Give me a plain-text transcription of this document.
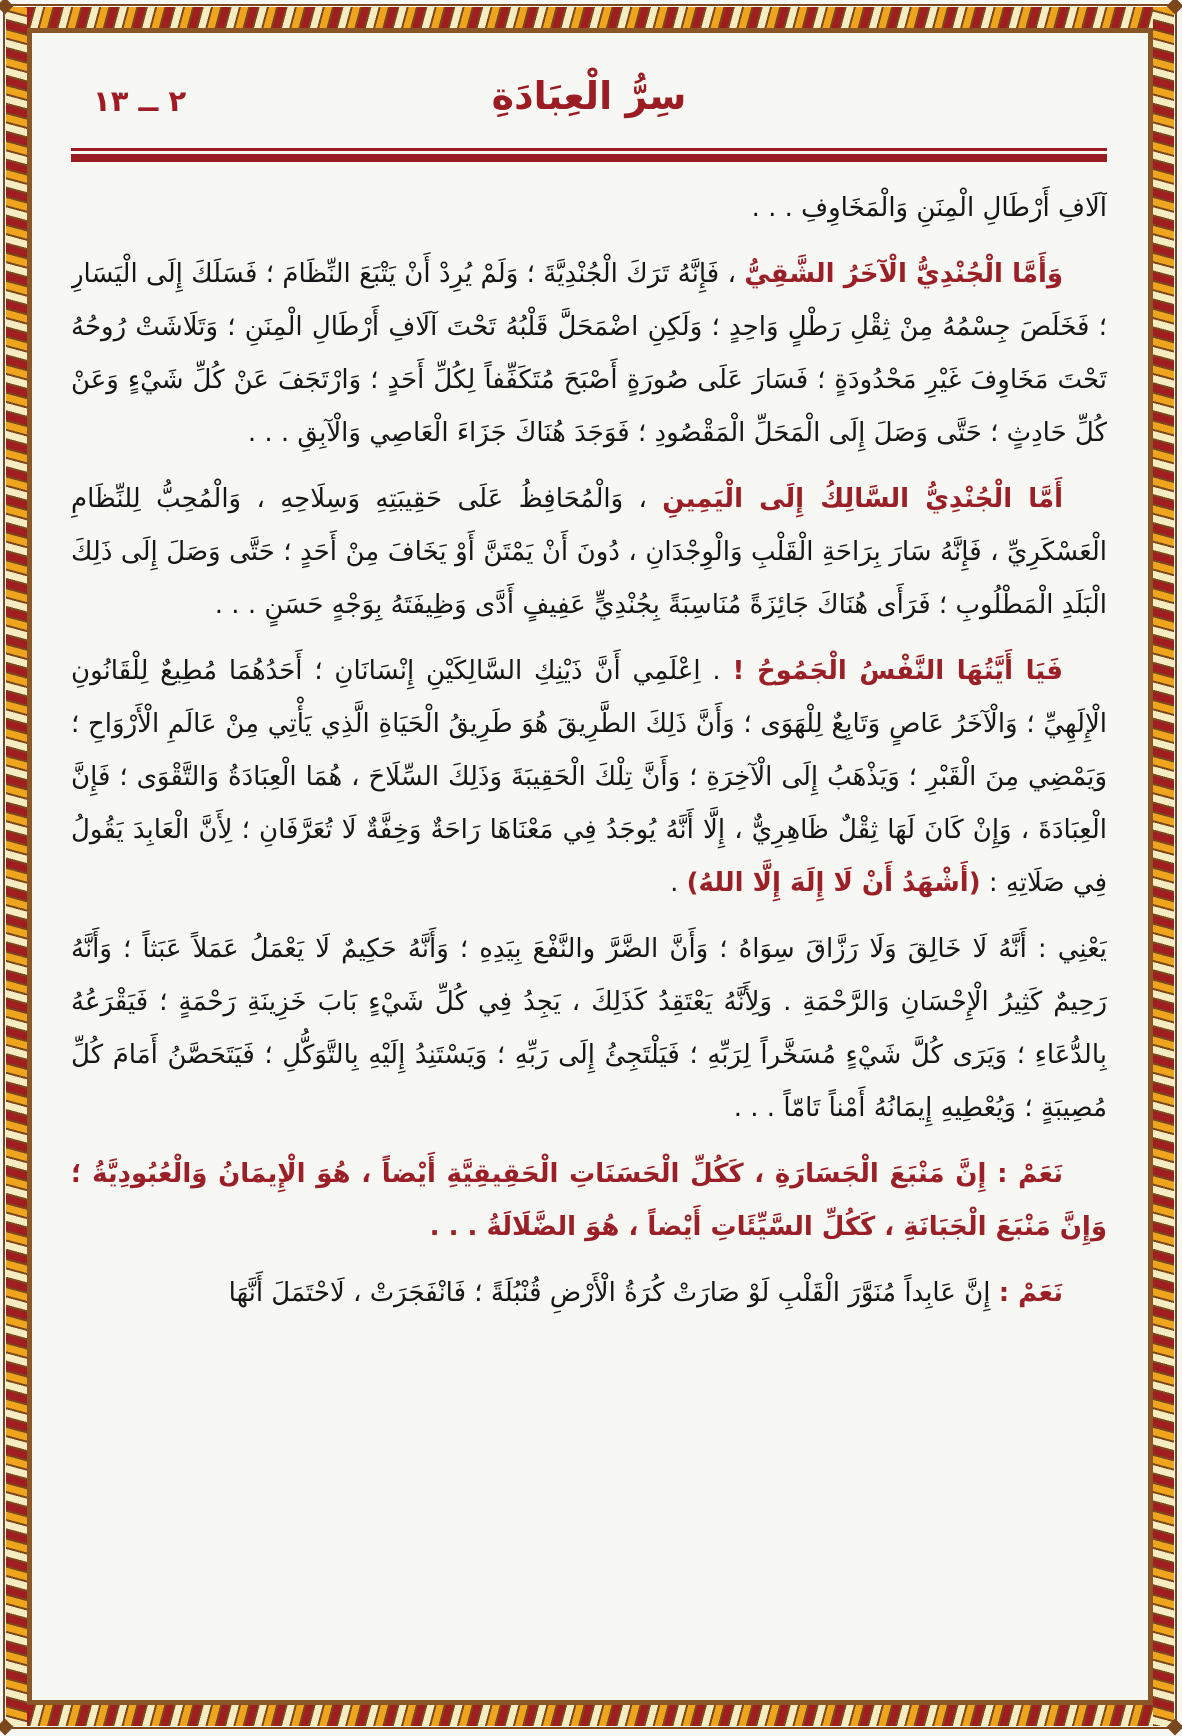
٢ ــ ١٣	سِرُّ الْعِبَادَةِ

آلَافِ أَرْطَالِ الْمِنَنِ وَالْمَخَاوِفِ . . .

وَأَمَّا الْجُنْدِيُّ الْآخَرُ الشَّقِيُّ ، فَإِنَّهُ تَرَكَ الْجُنْدِيَّةَ ؛ وَلَمْ يُرِدْ أَنْ يَتْبَعَ النِّظَامَ ؛ فَسَلَكَ إِلَى الْيَسَارِ ؛ فَخَلَصَ جِسْمُهُ مِنْ ثِقْلِ رَطْلٍ وَاحِدٍ ؛ وَلَكِنِ اضْمَحَلَّ قَلْبُهُ تَحْتَ آلَافِ أَرْطَالِ الْمِنَنِ ؛ وَتَلَاشَتْ رُوحُهُ تَحْتَ مَخَاوِفَ غَيْرِ مَحْدُودَةٍ ؛ فَسَارَ عَلَى صُورَةٍ أَصْبَحَ مُتَكَفِّفاً لِكُلِّ أَحَدٍ ؛ وَارْتَجَفَ عَنْ كُلِّ شَيْءٍ وَعَنْ كُلِّ حَادِثٍ ؛ حَتَّى وَصَلَ إِلَى الْمَحَلِّ الْمَقْصُودِ ؛ فَوَجَدَ هُنَاكَ جَزَاءَ الْعَاصِي وَالْآبِقِ . . .

أَمَّا الْجُنْدِيُّ السَّالِكُ إِلَى الْيَمِينِ ، وَالْمُحَافِظُ عَلَى حَقِيبَتِهِ وَسِلَاحِهِ ، وَالْمُحِبُّ لِلنِّظَامِ الْعَسْكَرِيِّ ، فَإِنَّهُ سَارَ بِرَاحَةِ الْقَلْبِ وَالْوِجْدَانِ ، دُونَ أَنْ يَمْتَنَّ أَوْ يَخَافَ مِنْ أَحَدٍ ؛ حَتَّى وَصَلَ إِلَى ذَلِكَ الْبَلَدِ الْمَطْلُوبِ ؛ فَرَأَى هُنَاكَ جَائِزَةً مُنَاسِبَةً بِجُنْدِيٍّ عَفِيفٍ أَدَّى وَظِيفَتَهُ بِوَجْهٍ حَسَنٍ . . .

فَيَا أَيَّتُهَا النَّفْسُ الْجَمُوحُ ! . اِعْلَمِي أَنَّ ذَيْنِكِ السَّالِكَيْنِ إِنْسَانَانِ ؛ أَحَدُهُمَا مُطِيعٌ لِلْقَانُونِ الْإِلَهِيِّ ؛ وَالْآخَرُ عَاصٍ وَتَابِعٌ لِلْهَوَى ؛ وَأَنَّ ذَلِكَ الطَّرِيقَ هُوَ طَرِيقُ الْحَيَاةِ الَّذِي يَأْتِي مِنْ عَالَمِ الْأَرْوَاحِ ؛ وَيَمْضِي مِنَ الْقَبْرِ ؛ وَيَذْهَبُ إِلَى الْآخِرَةِ ؛ وَأَنَّ تِلْكَ الْحَقِيبَةَ وَذَلِكَ السِّلَاحَ ، هُمَا الْعِبَادَةُ وَالتَّقْوَى ؛ فَإِنَّ الْعِبَادَةَ ، وَإِنْ كَانَ لَهَا ثِقْلٌ ظَاهِرِيٌّ ، إِلَّا أَنَّهُ يُوجَدُ فِي مَعْنَاهَا رَاحَةٌ وَخِفَّةٌ لَا تُعَرَّفَانِ ؛ لِأَنَّ الْعَابِدَ يَقُولُ فِي صَلَاتِهِ : (أَشْهَدُ أَنْ لَا إِلَهَ إِلَّا اللهُ) .

يَعْنِي : أَنَّهُ لَا خَالِقَ وَلَا رَزَّاقَ سِوَاهُ ؛ وَأَنَّ الضَّرَّ والنَّفْعَ بِيَدِهِ ؛ وَأَنَّهُ حَكِيمٌ لَا يَعْمَلُ عَمَلاً عَبَثاً ؛ وَأَنَّهُ رَحِيمٌ كَثِيرُ الْإِحْسَانِ وَالرَّحْمَةِ . وَلِأَنَّهُ يَعْتَقِدُ كَذَلِكَ ، يَجِدُ فِي كُلِّ شَيْءٍ بَابَ خَزِينَةِ رَحْمَةٍ ؛ فَيَقْرَعُهُ بِالدُّعَاءِ ؛ وَيَرَى كُلَّ شَيْءٍ مُسَخَّراً لِرَبِّهِ ؛ فَيَلْتَجِئُ إِلَى رَبِّهِ ؛ وَيَسْتَنِدُ إِلَيْهِ بِالتَّوَكُّلِ ؛ فَيَتَحَصَّنُ أَمَامَ كُلِّ مُصِيبَةٍ ؛ وَيُعْطِيهِ إِيمَانُهُ أَمْناً تَامّاً . . .

نَعَمْ : إِنَّ مَنْبَعَ الْجَسَارَةِ ، كَكُلِّ الْحَسَنَاتِ الْحَقِيقِيَّةِ أَيْضاً ، هُوَ الْإِيمَانُ وَالْعُبُودِيَّةُ ؛ وَإِنَّ مَنْبَعَ الْجَبَانَةِ ، كَكُلِّ السَّيِّئَاتِ أَيْضاً ، هُوَ الضَّلَالَةُ . . .

نَعَمْ : إِنَّ عَابِداً مُنَوَّرَ الْقَلْبِ لَوْ صَارَتْ كُرَةُ الْأَرْضِ قُنْبُلَةً ؛ فَانْفَجَرَتْ ، لَاحْتَمَلَ أَنَّهَا
